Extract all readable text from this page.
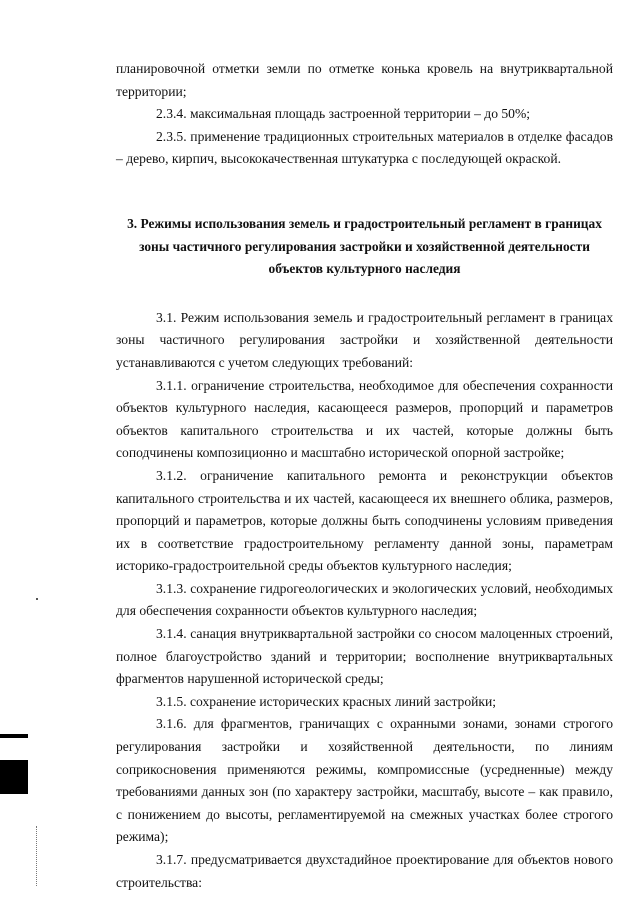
планировочной отметки земли по отметке конька кровель на внутриквартальной территории;

2.3.4. максимальная площадь застроенной территории – до 50%;

2.3.5. применение традиционных строительных материалов в отделке фасадов – дерево, кирпич, высококачественная штукатурка с последующей окраской.

3. Режимы использования земель и градостроительный регламент в границах зоны частичного регулирования застройки и хозяйственной деятельности объектов культурного наследия

3.1. Режим использования земель и градостроительный регламент в границах зоны частичного регулирования застройки и хозяйственной деятельности устанавливаются с учетом следующих требований:

3.1.1. ограничение строительства, необходимое для обеспечения сохранности объектов культурного наследия, касающееся размеров, пропорций и параметров объектов капитального строительства и их частей, которые должны быть соподчинены композиционно и масштабно исторической опорной застройке;

3.1.2. ограничение капитального ремонта и реконструкции объектов капитального строительства и их частей, касающееся их внешнего облика, размеров, пропорций и параметров, которые должны быть соподчинены условиям приведения их в соответствие градостроительному регламенту данной зоны, параметрам историко-градостроительной среды объектов культурного наследия;

3.1.3. сохранение гидрогеологических и экологических условий, необходимых для обеспечения сохранности объектов культурного наследия;

3.1.4. санация внутриквартальной застройки со сносом малоценных строений, полное благоустройство зданий и территории; восполнение внутриквартальных фрагментов нарушенной исторической среды;

3.1.5. сохранение исторических красных линий застройки;

3.1.6. для фрагментов, граничащих с охранными зонами, зонами строгого регулирования застройки и хозяйственной деятельности, по линиям соприкосновения применяются режимы, компромиссные (усредненные) между требованиями данных зон (по характеру застройки, масштабу, высоте – как правило, с понижением до высоты, регламентируемой на смежных участках более строгого режима);

3.1.7. предусматривается двухстадийное проектирование для объектов нового строительства:
